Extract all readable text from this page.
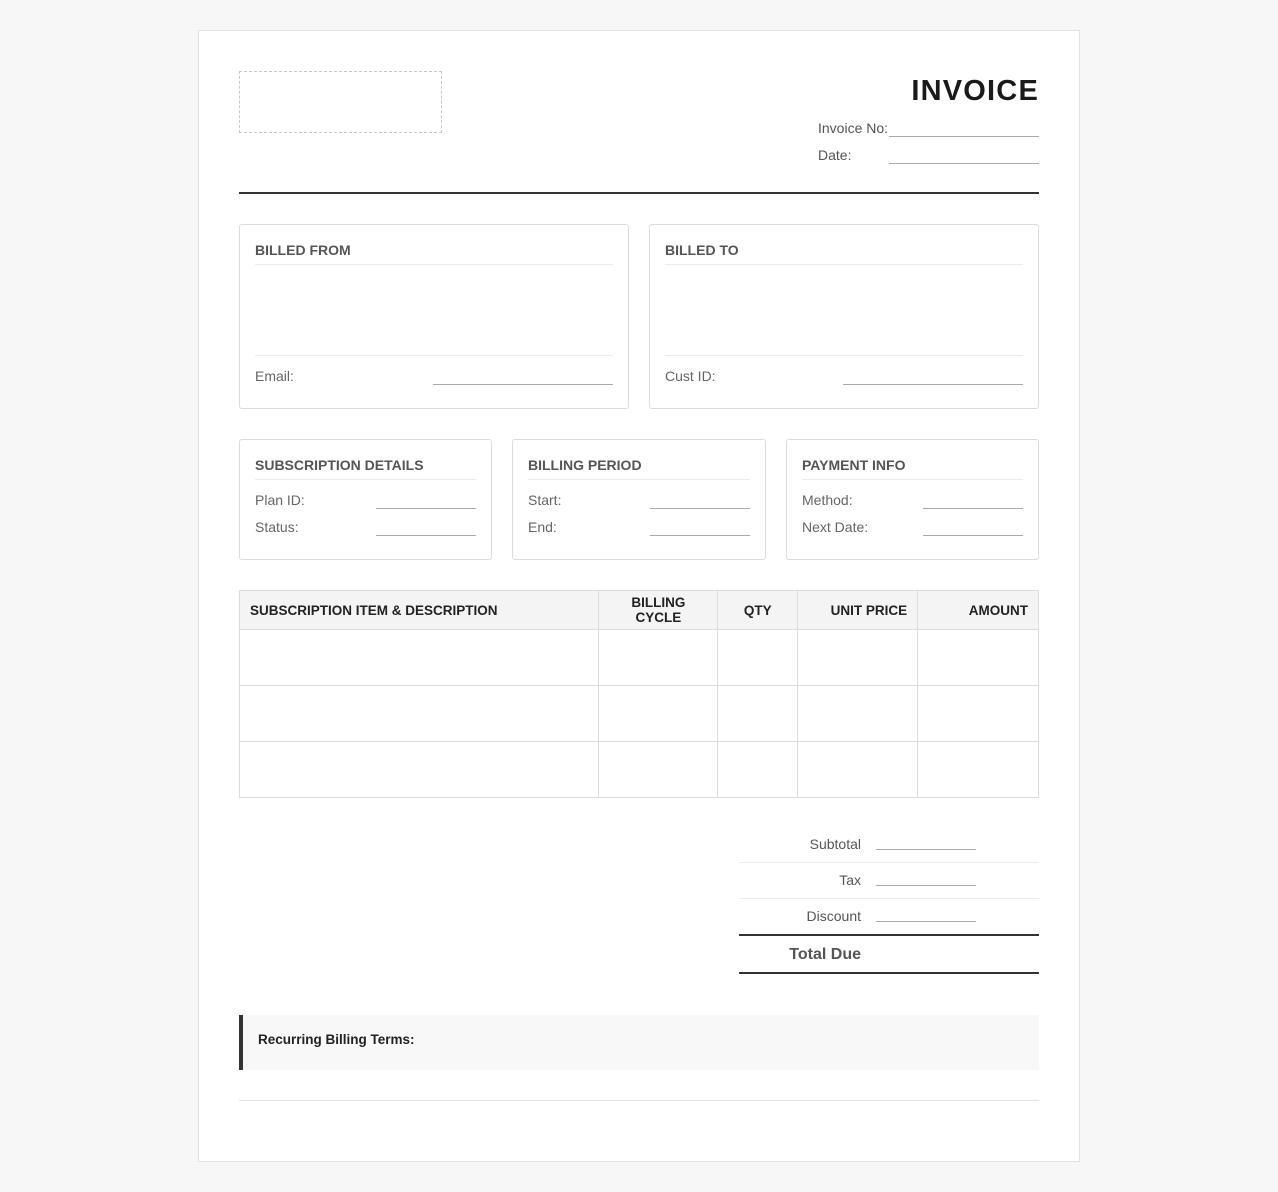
INVOICE
Invoice No:
Date:
BILLED FROM
Email:
BILLED TO
Cust ID:
SUBSCRIPTION DETAILS
Plan ID:
Status:
BILLING PERIOD
Start:
End:
PAYMENT INFO
Method:
Next Date:
SUBSCRIPTION ITEM & DESCRIPTION	BILLING CYCLE	QTY	UNIT PRICE	AMOUNT

Subtotal
Tax
Discount
Total Due
Recurring Billing Terms:
